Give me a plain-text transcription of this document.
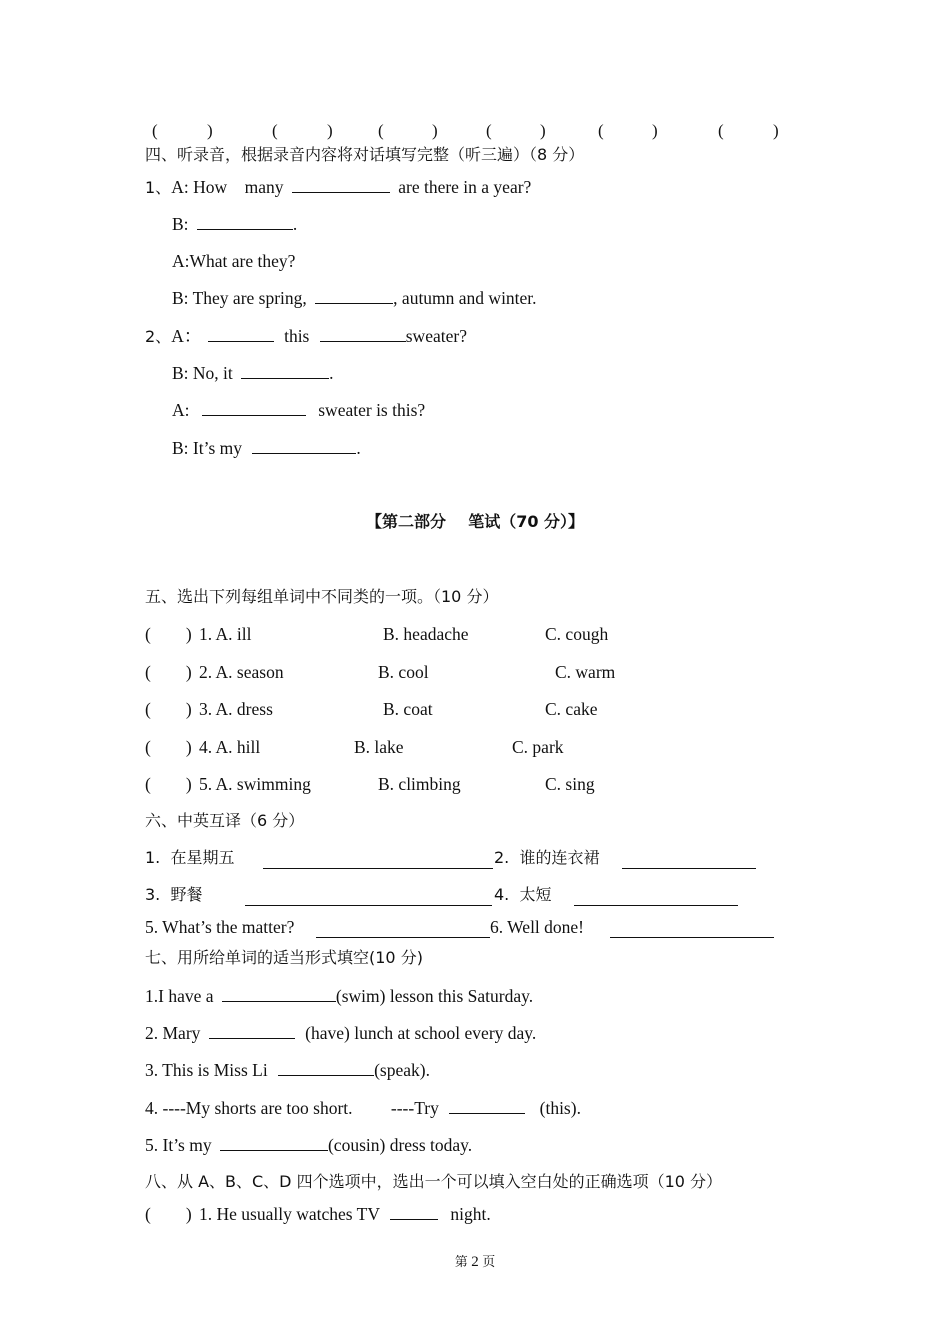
(	)	(	)	(	)	(	)	(	)	(	)
四、听录音，根据录音内容将对话填写完整（听三遍）（8 分）
1、A: How    many	are there in a year?
B:	.
A:What are they?
B: They are spring,	, autumn and winter.
2、A：	this	sweater?
B: No, it	.
A:	sweater is this?
B: It’s my	.
【第二部分    笔试（70 分）】
五、选出下列每组单词中不同类的一项。（10 分）
(        ) 1. A. ill	B. headache	C. cough
(        ) 2. A. season	B. cool	C. warm
(        ) 3. A. dress	B. coat	C. cake
(        ) 4. A. hill	B. lake	C. park
(        ) 5. A. swimming	B. climbing	C. sing
六、中英互译（6 分）
1.  在星期五	2.  谁的连衣裙
3.  野餐	4.  太短
5. What’s the matter?	6. Well done!
七、用所给单词的适当形式填空(10 分)
1.I have a	(swim) lesson this Saturday.
2. Mary	(have) lunch at school every day.
3. This is Miss Li	(speak).
4. ----My shorts are too short. ----Try	(this).
5. It’s my	(cousin) dress today.
八、从 A、B、C、D 四个选项中，选出一个可以填入空白处的正确选项（10 分）
(        ) 1. He usually watches TV	night.
第 2 页
